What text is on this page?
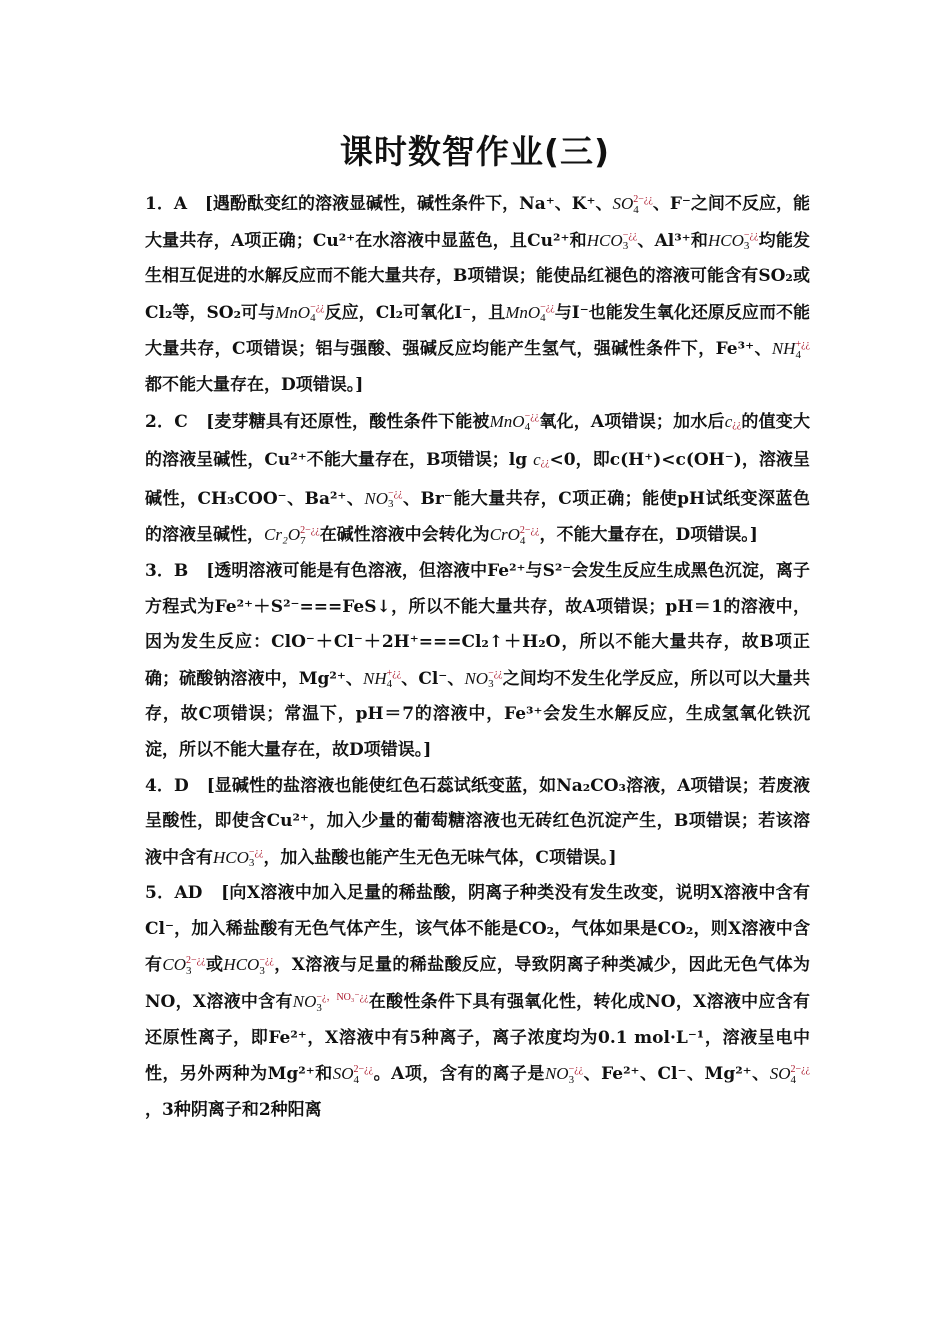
课时数智作业(三)

1．A [遇酚酞变红的溶液显碱性，碱性条件下，Na⁺、K⁺、SO2−¿¿
4 、F⁻之间不反应，能大量共存，A项正确；Cu²⁺在水溶液中显蓝色，且Cu²⁺和HCO−¿¿
3 、Al³⁺和HCO−¿¿
3 均能发生相互促进的水解反应而不能大量共存，B项错误；能使品红褪色的溶液可能含有SO₂或Cl₂等，SO₂可与MnO−¿¿
4 反应，Cl₂可氧化I⁻，且MnO−¿¿
4 与I⁻也能发生氧化还原反应而不能大量共存，C项错误；铝与强酸、强碱反应均能产生氢气，强碱性条件下，Fe³⁺、NH+¿¿
4都不能大量存在，D项错误。]

2．C [麦芽糖具有还原性，酸性条件下能被MnO−¿¿
4 氧化，A项错误；加水后c¿¿的值变大的溶液呈碱性，Cu²⁺不能大量存在，B项错误；lg c¿¿<0，即c(H⁺)<c(OH⁻)，溶液呈碱性，CH₃COO⁻、Ba²⁺、NO−¿¿
3 、Br⁻能大量共存，C项正确；能使pH试纸变深蓝色的溶液呈碱性，Cr₂O2−¿¿
7 在碱性溶液中会转化为CrO2−¿¿
4 ，不能大量存在，D项错误。]

3．B [透明溶液可能是有色溶液，但溶液中Fe²⁺与S²⁻会发生反应生成黑色沉淀，离子方程式为Fe²⁺＋S²⁻===FeS↓，所以不能大量共存，故A项错误；pH＝1的溶液中，因为发生反应：ClO⁻＋Cl⁻＋2H⁺===Cl₂↑＋H₂O，所以不能大量共存，故B项正确；硫酸钠溶液中，Mg²⁺、NH+¿¿
4 、Cl⁻、NO−¿¿
3 之间均不发生化学反应，所以可以大量共存，故C项错误；常温下，pH＝7的溶液中，Fe³⁺会发生水解反应，生成氢氧化铁沉淀，所以不能大量存在，故D项错误。]

4．D [显碱性的盐溶液也能使红色石蕊试纸变蓝，如Na₂CO₃溶液，A项错误；若废液呈酸性，即使含Cu²⁺，加入少量的葡萄糖溶液也无砖红色沉淀产生，B项错误；若该溶液中含有HCO−¿¿
3 ，加入盐酸也能产生无色无味气体，C项错误。]

5．AD [向X溶液中加入足量的稀盐酸，阴离子种类没有发生改变，说明X溶液中含有Cl⁻，加入稀盐酸有无色气体产生，该气体不能是CO₂，气体如果是CO₂，则X溶液中含有CO2−¿¿
3 或HCO−¿¿
3 ，X溶液与足量的稀盐酸反应，导致阴离子种类减少，因此无色气体为NO，X溶液中含有NO−¿，NO₃⁻¿¿
3	在酸性条件下具有强氧化性，转化成NO，X溶液中应含有还原性离子，即Fe²⁺，X溶液中有5种离子，离子浓度均为0.1 mol·L⁻¹，溶液呈电中性，另外两种为Mg²⁺和SO2−¿¿
4 。A项，含有的离子是NO−¿¿
3 、Fe²⁺、Cl⁻、Mg²⁺、SO2−¿¿
4，3种阴离子和2种阳离
